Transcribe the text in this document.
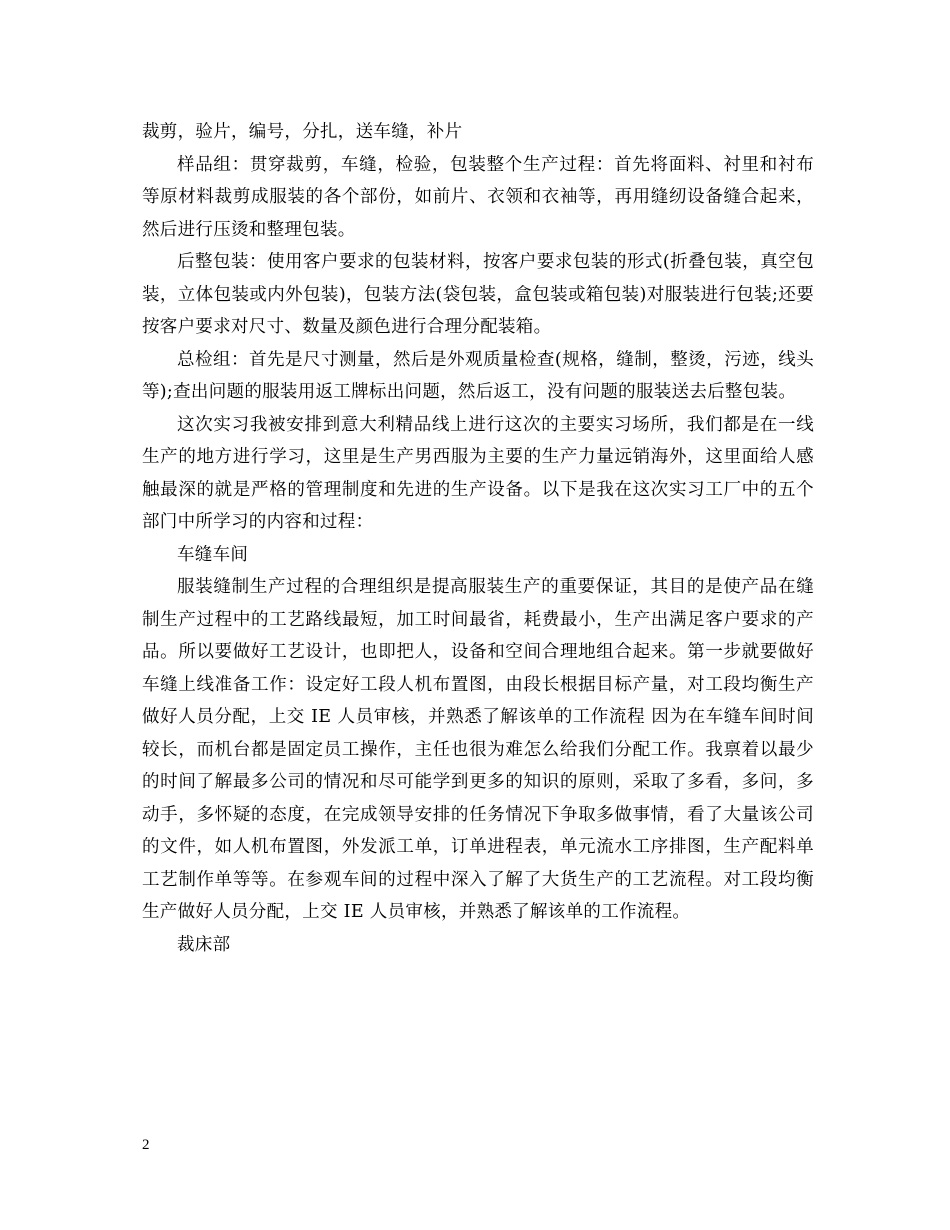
裁剪，验片，编号，分扎，送车缝，补片

样品组：贯穿裁剪，车缝，检验，包装整个生产过程：首先将面料、衬里和衬布等原材料裁剪成服装的各个部份，如前片、衣领和衣袖等，再用缝纫设备缝合起来，然后进行压烫和整理包装。

后整包装：使用客户要求的包装材料，按客户要求包装的形式(折叠包装，真空包装，立体包装或内外包装)，包装方法(袋包装，盒包装或箱包装)对服装进行包装;还要按客户要求对尺寸、数量及颜色进行合理分配装箱。

总检组：首先是尺寸测量，然后是外观质量检查(规格，缝制，整烫，污迹，线头等);查出问题的服装用返工牌标出问题，然后返工，没有问题的服装送去后整包装。

这次实习我被安排到意大利精品线上进行这次的主要实习场所，我们都是在一线生产的地方进行学习，这里是生产男西服为主要的生产力量远销海外，这里面给人感触最深的就是严格的管理制度和先进的生产设备。以下是我在这次实习工厂中的五个部门中所学习的内容和过程：

车缝车间

服装缝制生产过程的合理组织是提高服装生产的重要保证，其目的是使产品在缝制生产过程中的工艺路线最短，加工时间最省，耗费最小，生产出满足客户要求的产品。所以要做好工艺设计，也即把人，设备和空间合理地组合起来。第一步就要做好车缝上线准备工作：设定好工段人机布置图，由段长根据目标产量，对工段均衡生产做好人员分配，上交 IE 人员审核，并熟悉了解该单的工作流程 因为在车缝车间时间较长，而机台都是固定员工操作，主任也很为难怎么给我们分配工作。我禀着以最少的时间了解最多公司的情况和尽可能学到更多的知识的原则，采取了多看，多问，多动手，多怀疑的态度，在完成领导安排的任务情况下争取多做事情，看了大量该公司的文件，如人机布置图，外发派工单，订单进程表，单元流水工序排图，生产配料单工艺制作单等等。在参观车间的过程中深入了解了大货生产的工艺流程。对工段均衡生产做好人员分配，上交 IE 人员审核，并熟悉了解该单的工作流程。

裁床部

2
